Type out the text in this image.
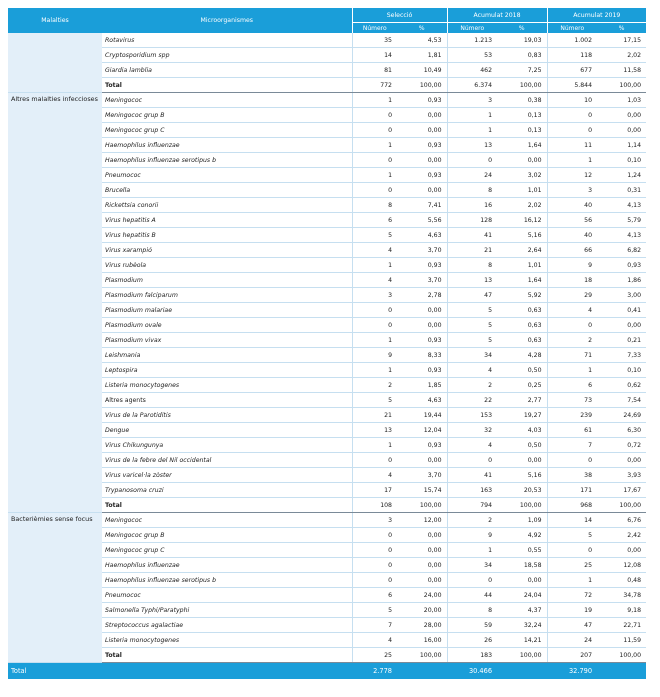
Malalties	Microorganismes	Selecció		Acumulat 2018		Acumulat 2019	
		Número	%	Número	%	Número	%
	Rotavirus	35	4,53	1.213	19,03	1.002	17,15
	Cryptosporidium spp	14	1,81	53	0,83	118	2,02
	Giardia lamblia	81	10,49	462	7,25	677	11,58
	Total	772	100,00	6.374	100,00	5.844	100,00
Altres malalties infeccioses	Meningococ	1	0,93	3	0,38	10	1,03
	Meningococ grup B	0	0,00	1	0,13	0	0,00
	Meningococ grup C	0	0,00	1	0,13	0	0,00
	Haemophilus influenzae	1	0,93	13	1,64	11	1,14
	Haemophilus influenzae serotipus b	0	0,00	0	0,00	1	0,10
	Pneumococ	1	0,93	24	3,02	12	1,24
	Brucella	0	0,00	8	1,01	3	0,31
	Rickettsia conorii	8	7,41	16	2,02	40	4,13
	Virus hepatitis A	6	5,56	128	16,12	56	5,79
	Virus hepatitis B	5	4,63	41	5,16	40	4,13
	Virus xarampió	4	3,70	21	2,64	66	6,82
	Virus rubèola	1	0,93	8	1,01	9	0,93
	Plasmodium	4	3,70	13	1,64	18	1,86
	Plasmodium falciparum	3	2,78	47	5,92	29	3,00
	Plasmodium malariae	0	0,00	5	0,63	4	0,41
	Plasmodium ovale	0	0,00	5	0,63	0	0,00
	Plasmodium vivax	1	0,93	5	0,63	2	0,21
	Leishmania	9	8,33	34	4,28	71	7,33
	Leptospira	1	0,93	4	0,50	1	0,10
	Listeria monocytogenes	2	1,85	2	0,25	6	0,62
	Altres agents	5	4,63	22	2,77	73	7,54
	Virus de la Parotiditis	21	19,44	153	19,27	239	24,69
	Dengue	13	12,04	32	4,03	61	6,30
	Virus Chikungunya	1	0,93	4	0,50	7	0,72
	Virus de la febre del Nil occidental	0	0,00	0	0,00	0	0,00
	Virus varicel·la zòster	4	3,70	41	5,16	38	3,93
	Trypanosoma cruzi	17	15,74	163	20,53	171	17,67
	Total	108	100,00	794	100,00	968	100,00
Bacterièmies sense focus	Meningococ	3	12,00	2	1,09	14	6,76
	Meningococ grup B	0	0,00	9	4,92	5	2,42
	Meningococ grup C	0	0,00	1	0,55	0	0,00
	Haemophilus influenzae	0	0,00	34	18,58	25	12,08
	Haemophilus influenzae serotipus b	0	0,00	0	0,00	1	0,48
	Pneumococ	6	24,00	44	24,04	72	34,78
	Salmonella Typhi/Paratyphi	5	20,00	8	4,37	19	9,18
	Streptococcus agalactiae	7	28,00	59	32,24	47	22,71
	Listeria monocytogenes	4	16,00	26	14,21	24	11,59
	Total	25	100,00	183	100,00	207	100,00
Total		2.778		30.466		32.790	
